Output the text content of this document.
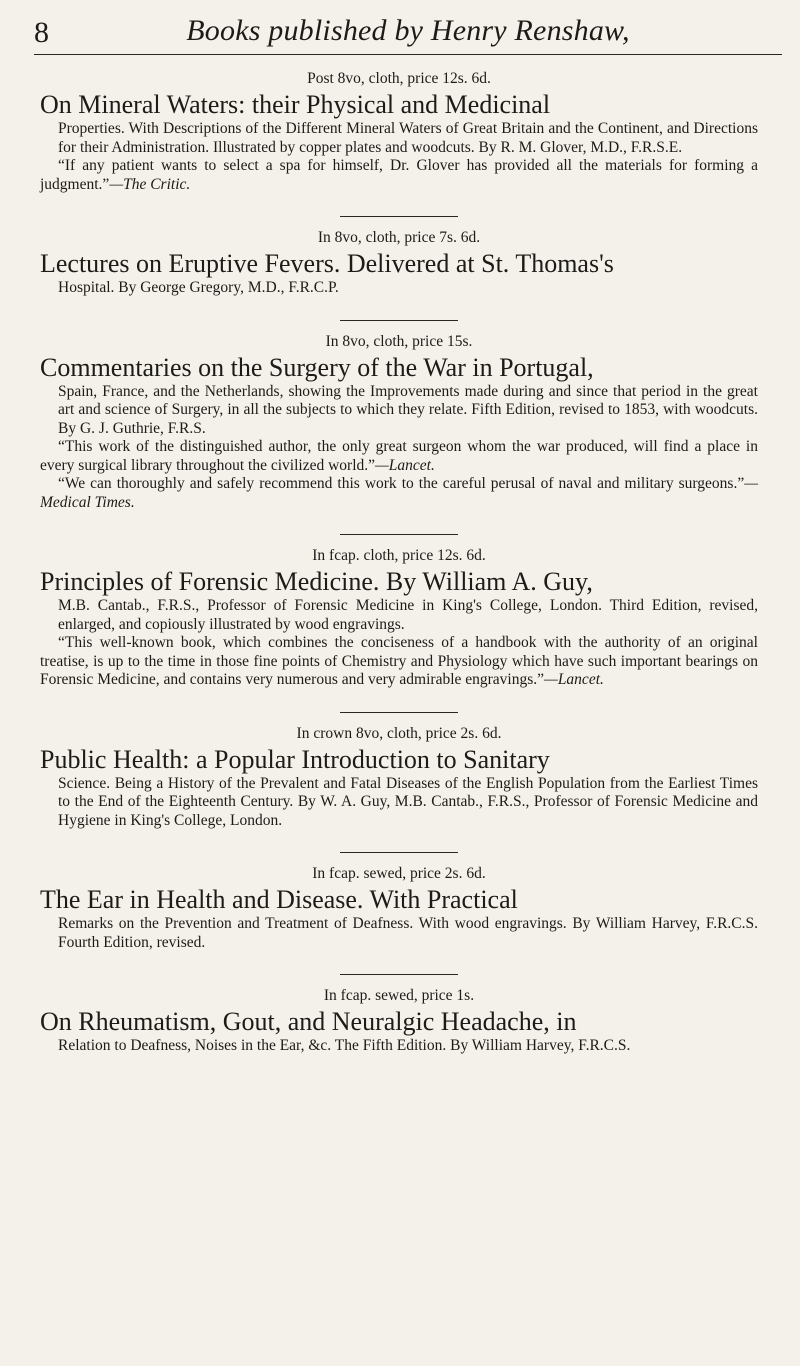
8	Books published by Henry Renshaw,
Post 8vo, cloth, price 12s. 6d.
On Mineral Waters: their Physical and Medicinal

Properties. With Descriptions of the Different Mineral Waters of Great Britain and the Continent, and Directions for their Administration. Illustrated by copper plates and woodcuts. By R. M. Glover, M.D., F.R.S.E.

“If any patient wants to select a spa for himself, Dr. Glover has provided all the materials for forming a judgment.”—The Critic.

In 8vo, cloth, price 7s. 6d.
Lectures on Eruptive Fevers. Delivered at St. Thomas's

Hospital. By George Gregory, M.D., F.R.C.P.

In 8vo, cloth, price 15s.
Commentaries on the Surgery of the War in Portugal,

Spain, France, and the Netherlands, showing the Improvements made during and since that period in the great art and science of Surgery, in all the subjects to which they relate. Fifth Edition, revised to 1853, with woodcuts. By G. J. Guthrie, F.R.S.

“This work of the distinguished author, the only great surgeon whom the war produced, will find a place in every surgical library throughout the civilized world.”—Lancet.

“We can thoroughly and safely recommend this work to the careful perusal of naval and military surgeons.”—Medical Times.

In fcap. cloth, price 12s. 6d.
Principles of Forensic Medicine. By William A. Guy,

M.B. Cantab., F.R.S., Professor of Forensic Medicine in King's College, London. Third Edition, revised, enlarged, and copiously illustrated by wood engravings.

“This well-known book, which combines the conciseness of a handbook with the authority of an original treatise, is up to the time in those fine points of Chemistry and Physiology which have such important bearings on Forensic Medicine, and contains very numerous and very admirable engravings.”—Lancet.

In crown 8vo, cloth, price 2s. 6d.
Public Health: a Popular Introduction to Sanitary

Science. Being a History of the Prevalent and Fatal Diseases of the English Population from the Earliest Times to the End of the Eighteenth Century. By W. A. Guy, M.B. Cantab., F.R.S., Professor of Forensic Medicine and Hygiene in King's College, London.

In fcap. sewed, price 2s. 6d.
The Ear in Health and Disease. With Practical

Remarks on the Prevention and Treatment of Deafness. With wood engravings. By William Harvey, F.R.C.S. Fourth Edition, revised.

In fcap. sewed, price 1s.
On Rheumatism, Gout, and Neuralgic Headache, in

Relation to Deafness, Noises in the Ear, &c. The Fifth Edition. By William Harvey, F.R.C.S.
